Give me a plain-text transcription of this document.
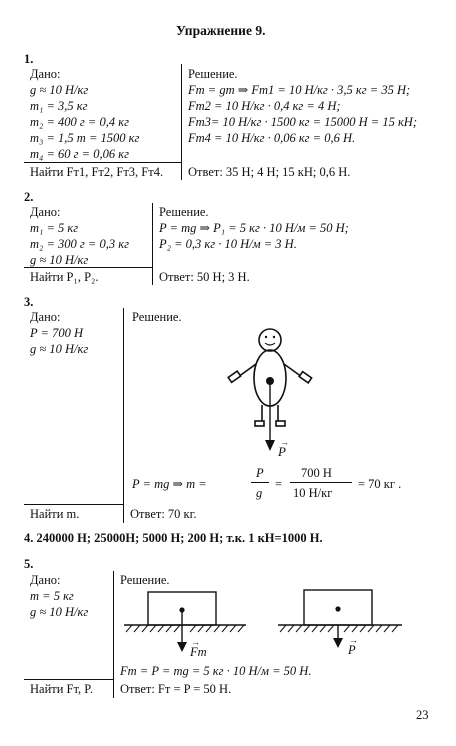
Упражнение 9.
1.
Дано:
g ≈ 10 Н/кг
m₁ = 3,5 кг
m₂ = 400 г = 0,4 кг
m₃ = 1,5 т = 1500 кг
m₄ = 60 г = 0,06 кг
Найти Fт1, Fт2, Fт3, Fт4.
Решение.
Fт = gm ⇒ Fт1 = 10 Н/кг · 3,5 кг = 35 Н;
Fт2 = 10 Н/кг · 0,4 кг = 4 Н;
Fт3= 10 Н/кг · 1500 кг = 15000 Н = 15 кН;
Fт4 = 10 Н/кг · 0,06 кг = 0,6 Н.
Ответ: 35 Н; 4 Н; 15 кН; 0,6 Н.
2.
Дано:
m₁ = 5 кг
m₂ = 300 г = 0,3 кг
g ≈ 10 Н/кг
Найти P₁, P₂.
Решение.
P = mg ⇒ P₁ = 5 кг · 10 Н/м = 50 Н;
P₂ = 0,3 кг · 10 Н/м = 3 Н.
Ответ: 50 Н; 3 Н.
3.
Дано:
P = 700 Н
g ≈ 10 Н/кг
Найти m.
Решение.
Ответ: 70 кг.
P
→
P = mg ⇒ m =
P
g
=
700 Н
10 Н/кг
= 70 кг .
4. 240000 Н; 25000Н; 5000 Н; 200 Н; т.к. 1 кН=1000 Н.
5.
Дано:
m = 5 кг
g ≈ 10 Н/кг
Найти Fт, P.
Решение.
Fт = P = mg = 5 кг · 10 Н/м = 50 Н.
Ответ: Fт = P = 50 Н.
Fт
→
P
→
23
